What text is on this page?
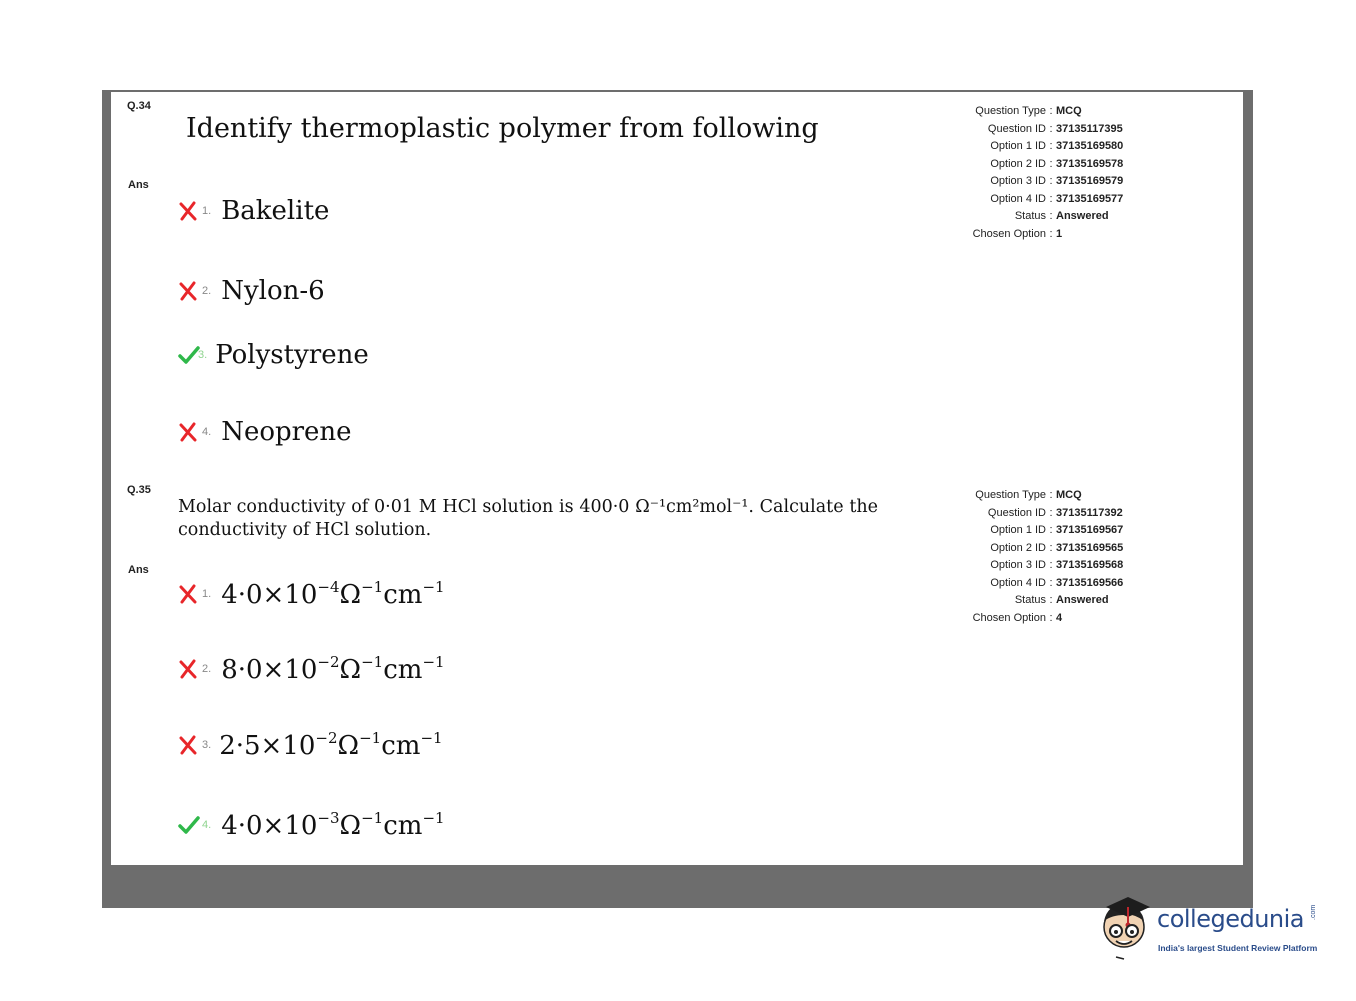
Q.34
Identify thermoplastic polymer from following
Ans
1. Bakelite
2. Nylon-6
3. Polystyrene
4. Neoprene
Question Type : MCQ
Question ID : 37135117395
Option 1 ID : 37135169580
Option 2 ID : 37135169578
Option 3 ID : 37135169579
Option 4 ID : 37135169577
Status : Answered
Chosen Option : 1
Q.35
Molar conductivity of 0·01 M HCl solution is 400·0 Ω⁻¹cm²mol⁻¹. Calculate the
conductivity of HCl solution.
Ans
1. $4\cdot 0\times 10^{-4}\Omega^{-1}cm^{-1}$
2. $8\cdot 0\times 10^{-2}\Omega^{-1}cm^{-1}$
3. $2\cdot 5\times 10^{-2}\Omega^{-1}cm^{-1}$
4. $4\cdot 0\times 10^{-3}\Omega^{-1}cm^{-1}$
Question Type : MCQ
Question ID : 37135117392
Option 1 ID : 37135169567
Option 2 ID : 37135169565
Option 3 ID : 37135169568
Option 4 ID : 37135169566
Status : Answered
Chosen Option : 4
collegedunia .com
India's largest Student Review Platform
